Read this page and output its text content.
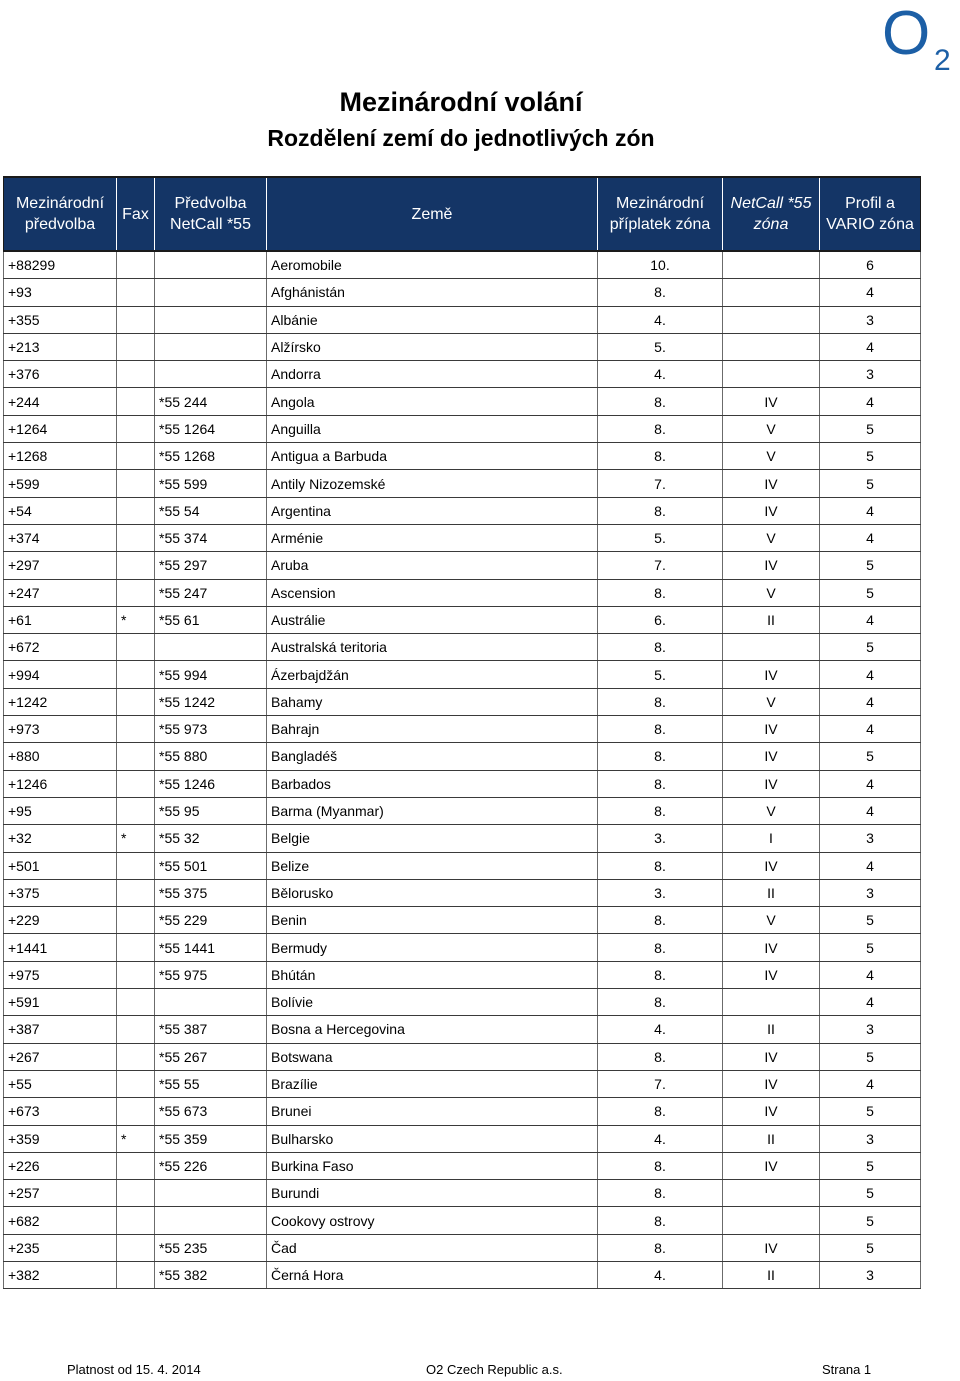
O 2
Mezinárodní volání
Rozdělení zemí do jednotlivých zón
Mezinárodní předvolba	Fax	Předvolba NetCall *55	Země	Mezinárodní příplatek zóna	NetCall *55 zóna	Profil a VARIO zóna
+88299			Aeromobile	10.		6
+93			Afghánistán	8.		4
+355			Albánie	4.		3
+213			Alžírsko	5.		4
+376			Andorra	4.		3
+244		*55 244	Angola	8.	IV	4
+1264		*55 1264	Anguilla	8.	V	5
+1268		*55 1268	Antigua a Barbuda	8.	V	5
+599		*55 599	Antily Nizozemské	7.	IV	5
+54		*55 54	Argentina	8.	IV	4
+374		*55 374	Arménie	5.	V	4
+297		*55 297	Aruba	7.	IV	5
+247		*55 247	Ascension	8.	V	5
+61	*	*55 61	Austrálie	6.	II	4
+672			Australská teritoria	8.		5
+994		*55 994	Ázerbajdžán	5.	IV	4
+1242		*55 1242	Bahamy	8.	V	4
+973		*55 973	Bahrajn	8.	IV	4
+880		*55 880	Bangladéš	8.	IV	5
+1246		*55 1246	Barbados	8.	IV	4
+95		*55 95	Barma (Myanmar)	8.	V	4
+32	*	*55 32	Belgie	3.	I	3
+501		*55 501	Belize	8.	IV	4
+375		*55 375	Bělorusko	3.	II	3
+229		*55 229	Benin	8.	V	5
+1441		*55 1441	Bermudy	8.	IV	5
+975		*55 975	Bhútán	8.	IV	4
+591			Bolívie	8.		4
+387		*55 387	Bosna a Hercegovina	4.	II	3
+267		*55 267	Botswana	8.	IV	5
+55		*55 55	Brazílie	7.	IV	4
+673		*55 673	Brunei	8.	IV	5
+359	*	*55 359	Bulharsko	4.	II	3
+226		*55 226	Burkina Faso	8.	IV	5
+257			Burundi	8.		5
+682			Cookovy ostrovy	8.		5
+235		*55 235	Čad	8.	IV	5
+382		*55 382	Černá Hora	4.	II	3
Platnost od 15. 4. 2014	O2 Czech Republic a.s.	Strana 1
